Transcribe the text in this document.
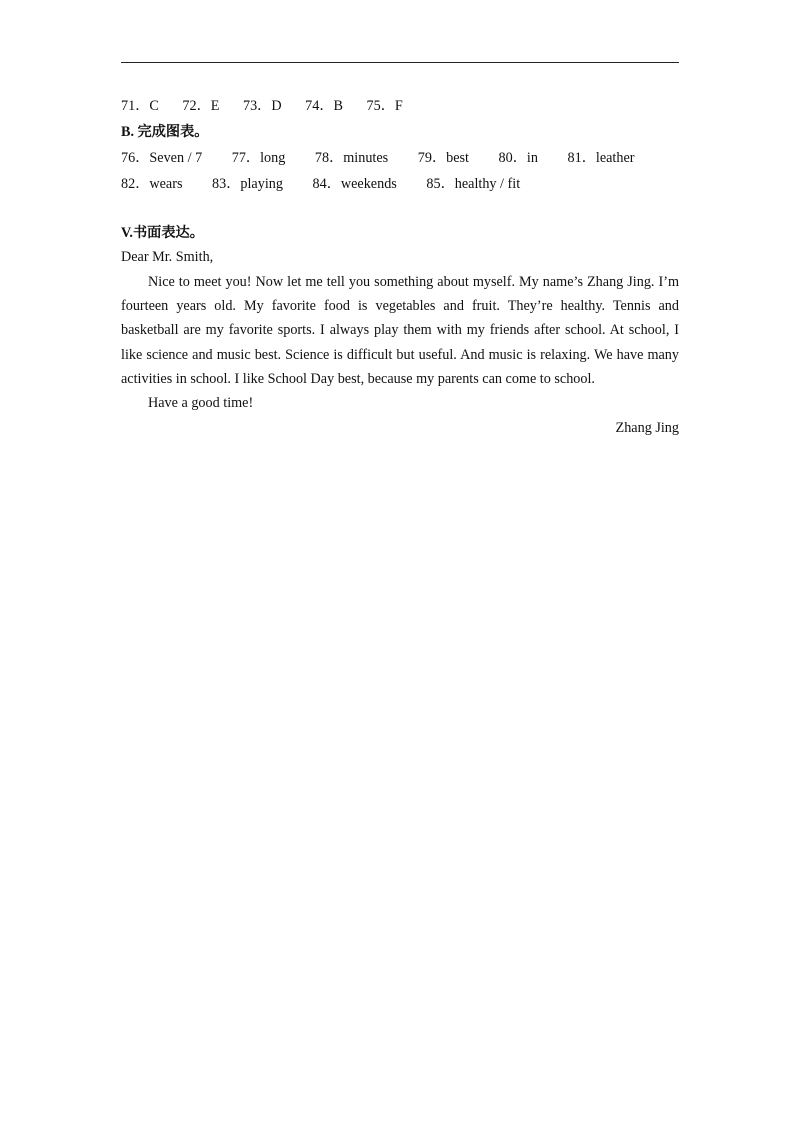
71．C 72．E 73．D 74．B 75．F
B. 完成图表。
76．Seven / 7 77．long 78．minutes 79．best 80．in 81．leather
82．wears 83．playing 84．weekends 85．healthy / fit
V.书面表达。
Dear Mr. Smith,

Nice to meet you! Now let me tell you something about myself. My name’s Zhang Jing. I’m fourteen years old. My favorite food is vegetables and fruit. They’re healthy. Tennis and basketball are my favorite sports. I always play them with my friends after school. At school, I like science and music best. Science is difficult but useful. And music is relaxing. We have many activities in school. I like School Day best, because my parents can come to school.

Have a good time!
Zhang Jing
